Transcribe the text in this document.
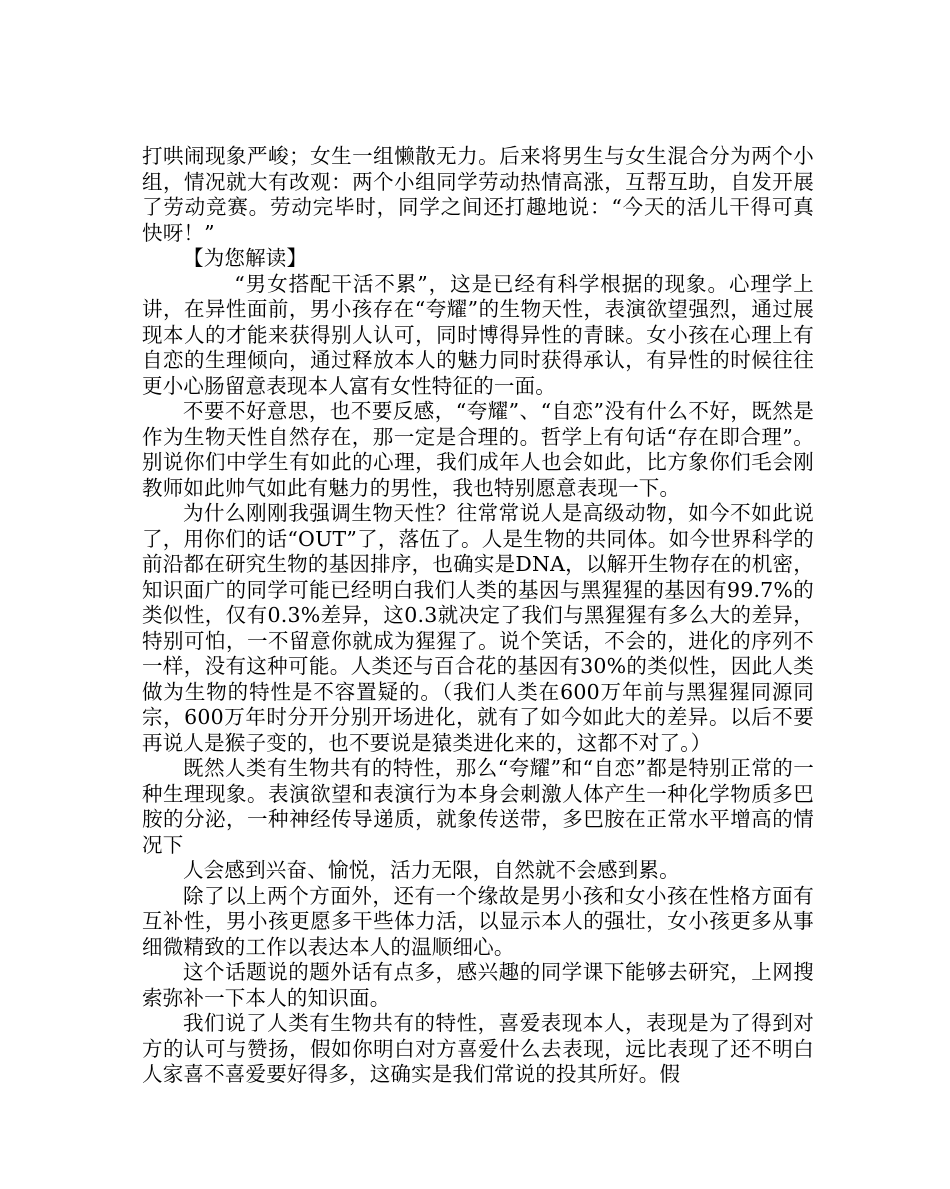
打哄闹现象严峻；女生一组懒散无力。后来将男生与女生混合分为两个小组，情况就大有改观：两个小组同学劳动热情高涨，互帮互助，自发开展了劳动竞赛。劳动完毕时，同学之间还打趣地说：“今天的活儿干得可真快呀！”

【为您解读】

“男女搭配干活不累”，这是已经有科学根据的现象。心理学上讲，在异性面前，男小孩存在“夸耀”的生物天性，表演欲望强烈，通过展现本人的才能来获得别人认可，同时博得异性的青睐。女小孩在心理上有自恋的生理倾向，通过释放本人的魅力同时获得承认，有异性的时候往往更小心肠留意表现本人富有女性特征的一面。

不要不好意思，也不要反感，“夸耀”、“自恋”没有什么不好，既然是作为生物天性自然存在，那一定是合理的。哲学上有句话“存在即合理”。别说你们中学生有如此的心理，我们成年人也会如此，比方象你们毛会刚教师如此帅气如此有魅力的男性，我也特别愿意表现一下。

为什么刚刚我强调生物天性？往常常说人是高级动物，如今不如此说了，用你们的话“OUT”了，落伍了。人是生物的共同体。如今世界科学的前沿都在研究生物的基因排序，也确实是DNA，以解开生物存在的机密，知识面广的同学可能已经明白我们人类的基因与黑猩猩的基因有99.7%的类似性，仅有0.3%差异，这0.3就决定了我们与黑猩猩有多么大的差异，特别可怕，一不留意你就成为猩猩了。说个笑话，不会的，进化的序列不一样，没有这种可能。人类还与百合花的基因有30%的类似性，因此人类做为生物的特性是不容置疑的。（我们人类在600万年前与黑猩猩同源同宗，600万年时分开分别开场进化，就有了如今如此大的差异。以后不要再说人是猴子变的，也不要说是猿类进化来的，这都不对了。）

既然人类有生物共有的特性，那么“夸耀”和“自恋”都是特别正常的一种生理现象。表演欲望和表演行为本身会刺激人体产生一种化学物质多巴胺的分泌，一种神经传导递质，就象传送带，多巴胺在正常水平增高的情况下

人会感到兴奋、愉悦，活力无限，自然就不会感到累。

除了以上两个方面外，还有一个缘故是男小孩和女小孩在性格方面有互补性，男小孩更愿多干些体力活，以显示本人的强壮，女小孩更多从事细微精致的工作以表达本人的温顺细心。

这个话题说的题外话有点多，感兴趣的同学课下能够去研究，上网搜索弥补一下本人的知识面。

我们说了人类有生物共有的特性，喜爱表现本人，表现是为了得到对方的认可与赞扬，假如你明白对方喜爱什么去表现，远比表现了还不明白人家喜不喜爱要好得多，这确实是我们常说的投其所好。假
